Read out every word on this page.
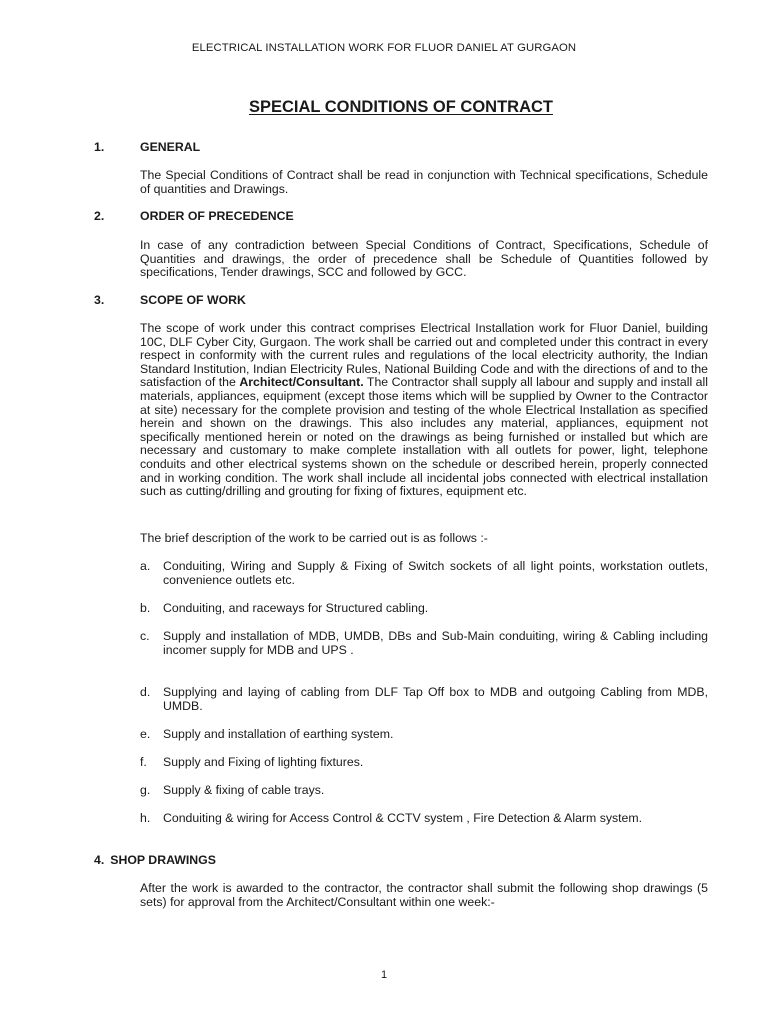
ELECTRICAL INSTALLATION WORK FOR FLUOR DANIEL AT GURGAON
SPECIAL CONDITIONS OF CONTRACT
1.	GENERAL

The Special Conditions of Contract shall be read in conjunction with Technical specifications, Schedule of quantities and Drawings.

2.	ORDER OF PRECEDENCE

In case of any contradiction between Special Conditions of Contract, Specifications, Schedule of Quantities and drawings, the order of precedence shall be Schedule of Quantities followed by specifications, Tender drawings, SCC and followed by GCC.

3.	SCOPE OF WORK

The scope of work under this contract comprises Electrical Installation work for Fluor Daniel, building 10C, DLF Cyber City, Gurgaon. The work shall be carried out and completed under this contract in every respect in conformity with the current rules and regulations of the local electricity authority, the Indian Standard Institution, Indian Electricity Rules, National Building Code and with the directions of and to the satisfaction of the Architect/Consultant. The Contractor shall supply all labour and supply and install all materials, appliances, equipment (except those items which will be supplied by Owner to the Contractor at site) necessary for the complete provision and testing of the whole Electrical Installation as specified herein and shown on the drawings. This also includes any material, appliances, equipment not specifically mentioned herein or noted on the drawings as being furnished or installed but which are necessary and customary to make complete installation with all outlets for power, light, telephone conduits and other electrical systems shown on the schedule or described herein, properly connected and in working condition. The work shall include all incidental jobs connected with electrical installation such as cutting/drilling and grouting for fixing of fixtures, equipment etc.

The brief description of the work to be carried out is as follows :-

a. Conduiting, Wiring and Supply & Fixing of Switch sockets of all light points, workstation outlets, convenience outlets etc.
b. Conduiting, and raceways for Structured cabling.
c. Supply and installation of MDB, UMDB, DBs and Sub-Main conduiting, wiring & Cabling including incomer supply for MDB and UPS .
d. Supplying and laying of cabling from DLF Tap Off box to MDB and outgoing Cabling from MDB, UMDB.
e. Supply and installation of earthing system.
f. Supply and Fixing of lighting fixtures.
g. Supply & fixing of cable trays.
h. Conduiting & wiring for Access Control & CCTV system , Fire Detection & Alarm system.
4. SHOP DRAWINGS

After the work is awarded to the contractor, the contractor shall submit the following shop drawings (5 sets) for approval from the Architect/Consultant within one week:-

1
